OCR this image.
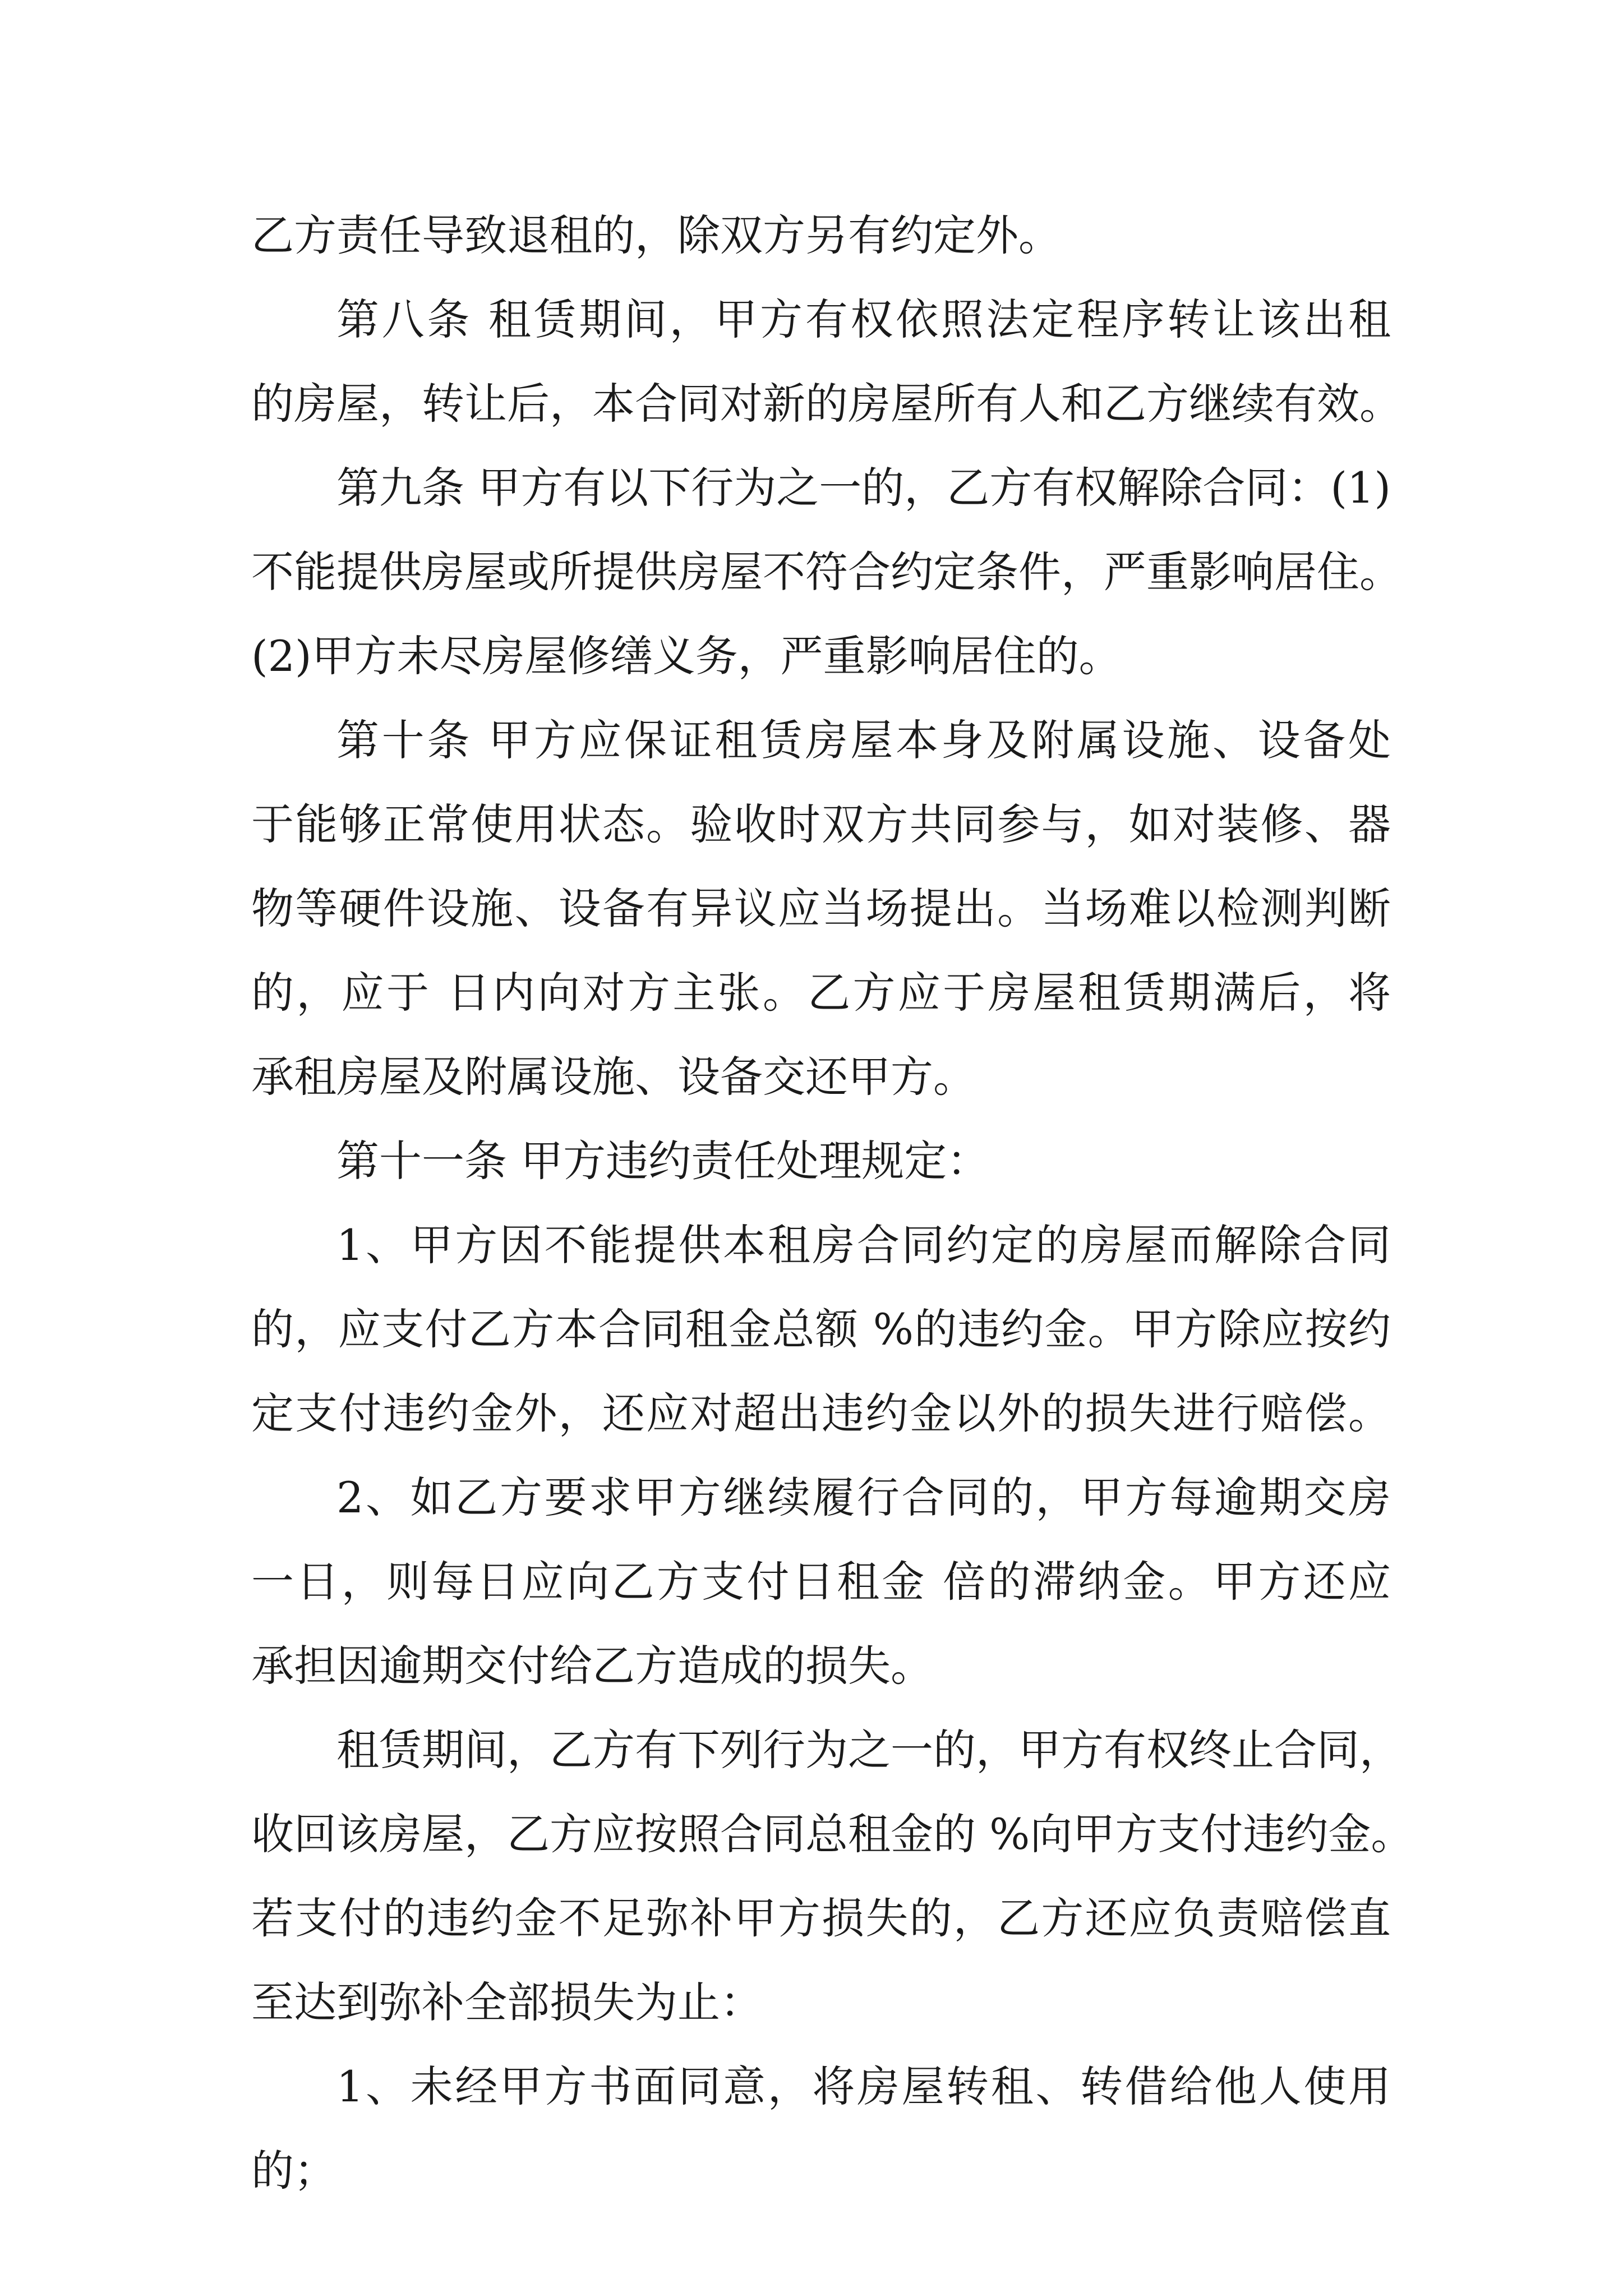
乙方责任导致退租的，除双方另有约定外。
第八条 租赁期间，甲方有权依照法定程序转让该出租
的房屋，转让后，本合同对新的房屋所有人和乙方继续有效。
第九条 甲方有以下行为之一的，乙方有权解除合同：(1)
不能提供房屋或所提供房屋不符合约定条件，严重影响居住。
(2)甲方未尽房屋修缮义务，严重影响居住的。
第十条 甲方应保证租赁房屋本身及附属设施、设备处
于能够正常使用状态。验收时双方共同参与，如对装修、器
物等硬件设施、设备有异议应当场提出。当场难以检测判断
的，应于 日内向对方主张。乙方应于房屋租赁期满后，将
承租房屋及附属设施、设备交还甲方。
第十一条 甲方违约责任处理规定：
1、甲方因不能提供本租房合同约定的房屋而解除合同
的，应支付乙方本合同租金总额 %的违约金。甲方除应按约
定支付违约金外，还应对超出违约金以外的损失进行赔偿。
2、如乙方要求甲方继续履行合同的，甲方每逾期交房
一日，则每日应向乙方支付日租金 倍的滞纳金。甲方还应
承担因逾期交付给乙方造成的损失。
租赁期间，乙方有下列行为之一的，甲方有权终止合同，
收回该房屋，乙方应按照合同总租金的 %向甲方支付违约金。
若支付的违约金不足弥补甲方损失的，乙方还应负责赔偿直
至达到弥补全部损失为止：
1、未经甲方书面同意，将房屋转租、转借给他人使用
的；
